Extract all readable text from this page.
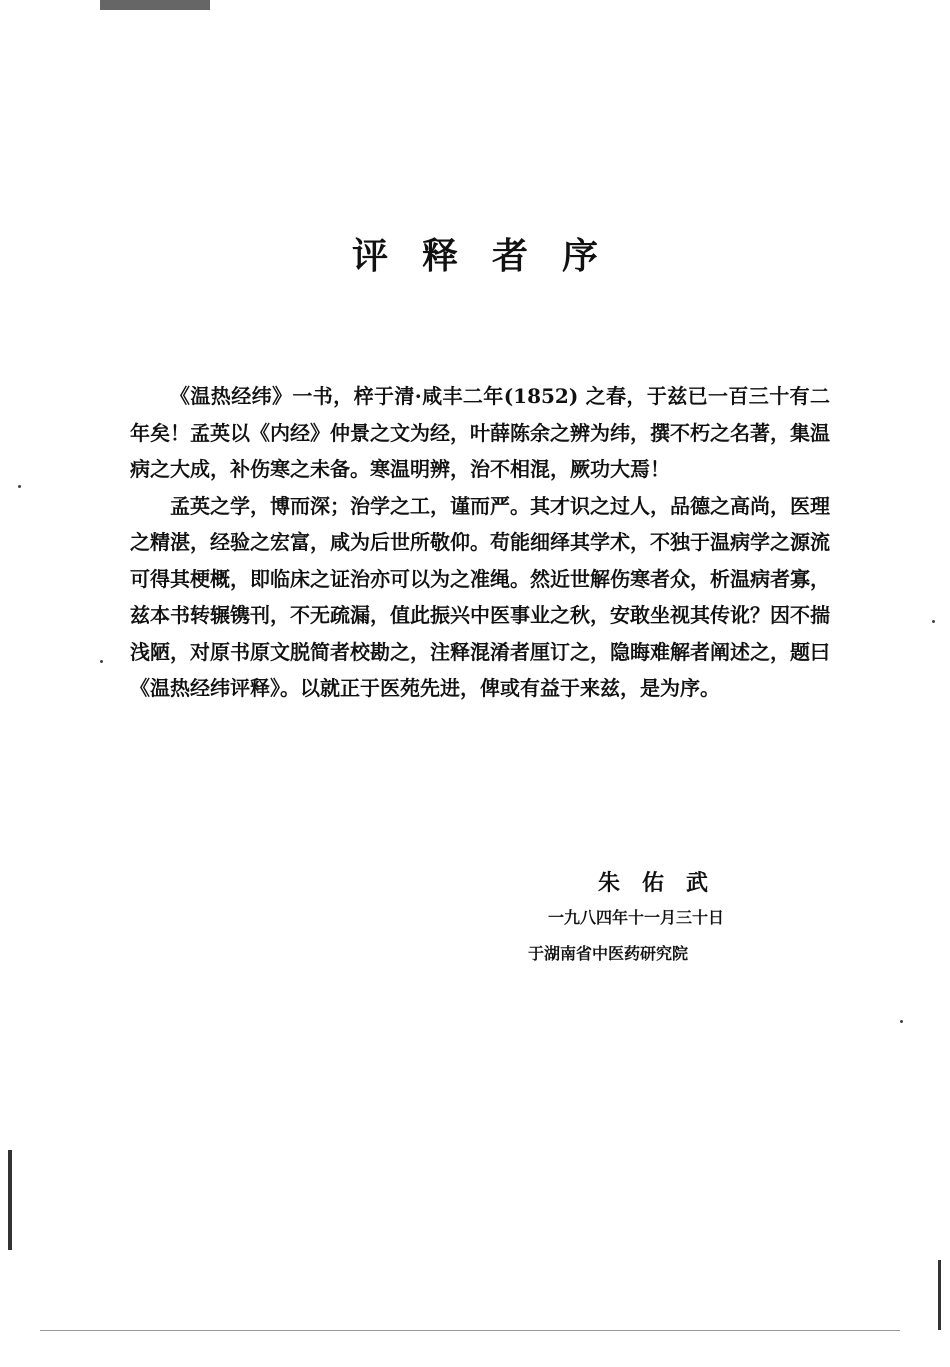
评释者序

《温热经纬》一书，梓于清·咸丰二年(1852) 之春，于兹已一百三十有二年矣！孟英以《内经》仲景之文为经，叶薛陈余之辨为纬，撰不朽之名著，集温病之大成，补伤寒之未备。寒温明辨，治不相混，厥功大焉！

孟英之学，博而深；治学之工，谨而严。其才识之过人，品德之高尚，医理之精湛，经验之宏富，咸为后世所敬仰。苟能细绎其学术，不独于温病学之源流可得其梗概，即临床之证治亦可以为之准绳。然近世解伤寒者众，析温病者寡，兹本书转辗镌刊，不无疏漏，值此振兴中医事业之秋，安敢坐视其传讹？因不揣浅陋，对原书原文脱简者校勘之，注释混淆者厘订之，隐晦难解者阐述之，题曰《温热经纬评释》。以就正于医苑先进，俾或有益于来兹，是为序。

朱佑武
一九八四年十一月三十日
于湖南省中医药研究院
